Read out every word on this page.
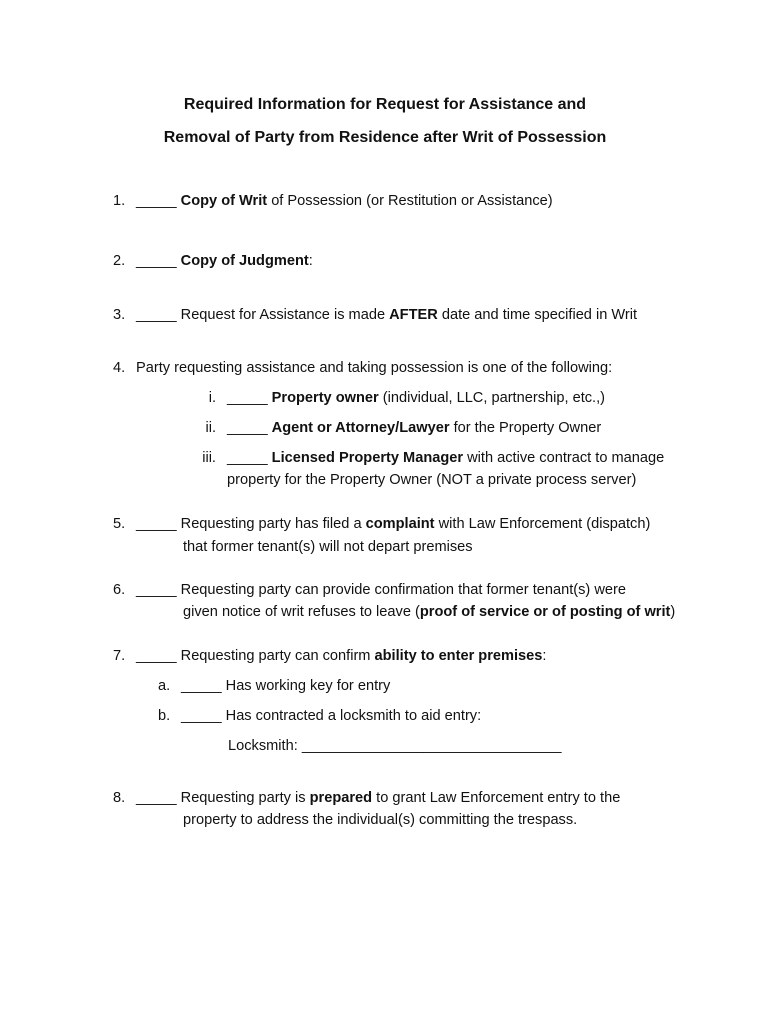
Required Information for Request for Assistance and
Removal of Party from Residence after Writ of Possession
1. _____ Copy of Writ of Possession (or Restitution or Assistance)
2. _____ Copy of Judgment:
3. _____ Request for Assistance is made AFTER date and time specified in Writ
4. Party requesting assistance and taking possession is one of the following:
i. _____ Property owner (individual, LLC, partnership, etc.,)
ii. _____ Agent or Attorney/Lawyer for the Property Owner
iii. _____ Licensed Property Manager with active contract to manage
property for the Property Owner (NOT a private process server)
5. _____ Requesting party has filed a complaint with Law Enforcement (dispatch)
that former tenant(s) will not depart premises
6. _____ Requesting party can provide confirmation that former tenant(s) were
given notice of writ refuses to leave (proof of service or of posting of writ)
7. _____ Requesting party can confirm ability to enter premises:
a. _____ Has working key for entry
b. _____ Has contracted a locksmith to aid entry:
Locksmith: ________________________________
8. _____ Requesting party is prepared to grant Law Enforcement entry to the
property to address the individual(s) committing the trespass.
